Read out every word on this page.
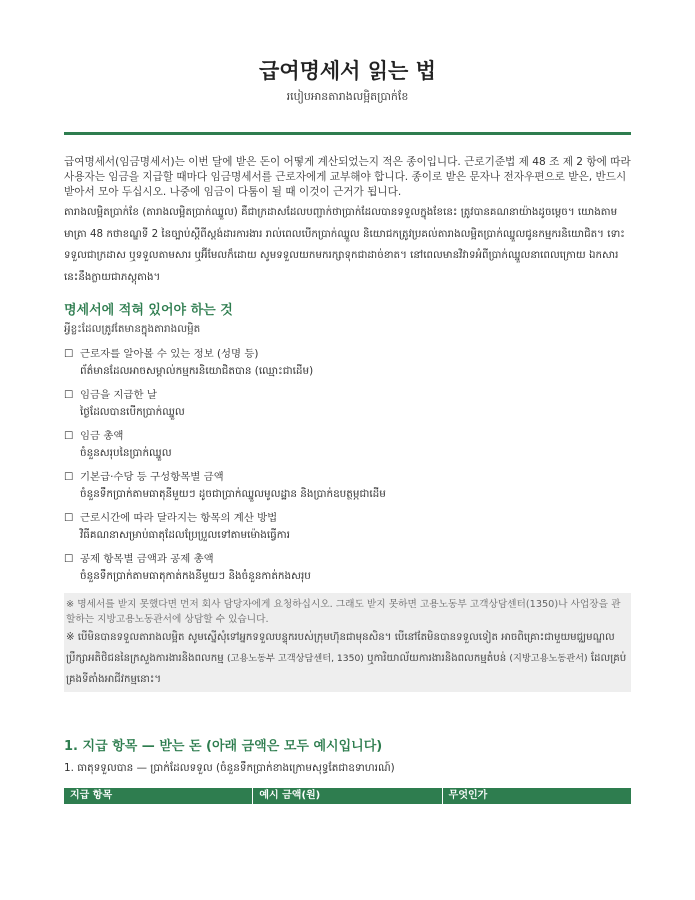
급여명세서 읽는 법
របៀបអានតារាងលម្អិតប្រាក់ខែ
급여명세서(임금명세서)는 이번 달에 받은 돈이 어떻게 계산되었는지 적은 종이입니다. 근로기준법 제 48 조 제 2 항에 따라 사용자는 임금을 지급할 때마다 임금명세서를 근로자에게 교부해야 합니다. 종이로 받은 문자나 전자우편으로 받은, 반드시 받아서 모아 두십시오. 나중에 임금이 다툼이 될 때 이것이 근거가 됩니다.
តារាងលម្អិតប្រាក់ខែ (តារាងលម្អិតប្រាក់ឈ្នួល) គឺជាក្រដាសដែលបញ្ជាក់ថាប្រាក់ដែលបានទទួលក្នុងខែនេះ ត្រូវបានគណនាយ៉ាងដូចម្តេច។ យោងតាមមាត្រា 48 កថាខណ្ឌទី 2 នៃច្បាប់ស្តីពីស្តង់ដារការងារ រាល់ពេលបើកប្រាក់ឈ្នួល និយោជកត្រូវប្រគល់តារាងលម្អិតប្រាក់ឈ្នួលជូនកម្មករនិយោជិត។ ទោះទទួលជាក្រដាស ឬទទួលតាមសារ ឬអ៊ីមែលក៏ដោយ សូមទទួលយកមករក្សាទុកជាដាច់ខាត។ នៅពេលមានវិវាទអំពីប្រាក់ឈ្នួលនាពេលក្រោយ ឯកសារនេះនឹងក្លាយជាភស្តុតាង។
명세서에 적혀 있어야 하는 것
អ្វីខ្លះដែលត្រូវតែមានក្នុងតារាងលម្អិត
☐ 근로자를 알아볼 수 있는 정보 (성명 등)
ព័ត៌មានដែលអាចសម្គាល់កម្មករនិយោជិតបាន (ឈ្មោះជាដើម)
☐ 임금을 지급한 날
ថ្ងៃដែលបានបើកប្រាក់ឈ្នួល
☐ 임금 총액
ចំនួនសរុបនៃប្រាក់ឈ្នួល
☐ 기본급·수당 등 구성항목별 금액
ចំនួនទឹកប្រាក់តាមធាតុនីមួយៗ ដូចជាប្រាក់ឈ្នួលមូលដ្ឋាន និងប្រាក់ឧបត្ថម្ភជាដើម
☐ 근로시간에 따라 달라지는 항목의 계산 방법
វិធីគណនាសម្រាប់ធាតុដែលប្រែប្រួលទៅតាមម៉ោងធ្វើការ
☐ 공제 항목별 금액과 공제 총액
ចំនួនទឹកប្រាក់តាមធាតុកាត់កងនីមួយៗ និងចំនួនកាត់កងសរុប
※ 명세서를 받지 못했다면 먼저 회사 담당자에게 요청하십시오. 그래도 받지 못하면 고용노동부 고객상담센터(1350)나 사업장을 관할하는 지방고용노동관서에 상담할 수 있습니다.
※ បើមិនបានទទួលតារាងលម្អិត សូមស្នើសុំទៅអ្នកទទួលបន្ទុករបស់ក្រុមហ៊ុនជាមុនសិន។ បើនៅតែមិនបានទទួលទៀត អាចពិគ្រោះជាមួយមជ្ឈមណ្ឌលប្រឹក្សាអតិថិជននៃក្រសួងការងារនិងពលកម្ម (고용노동부 고객상담센터, 1350) ឬការិយាល័យការងារនិងពលកម្មតំបន់ (지방고용노동관서) ដែលគ្រប់គ្រងទីតាំងអាជីវកម្មនោះ។
1. 지급 항목 — 받는 돈 (아래 금액은 모두 예시입니다)
1. ធាតុទទួលបាន — ប្រាក់ដែលទទួល (ចំនួនទឹកប្រាក់ខាងក្រោមសុទ្ធតែជាឧទាហរណ៍)
지급 항목	예시 금액(원)	무엇인가
